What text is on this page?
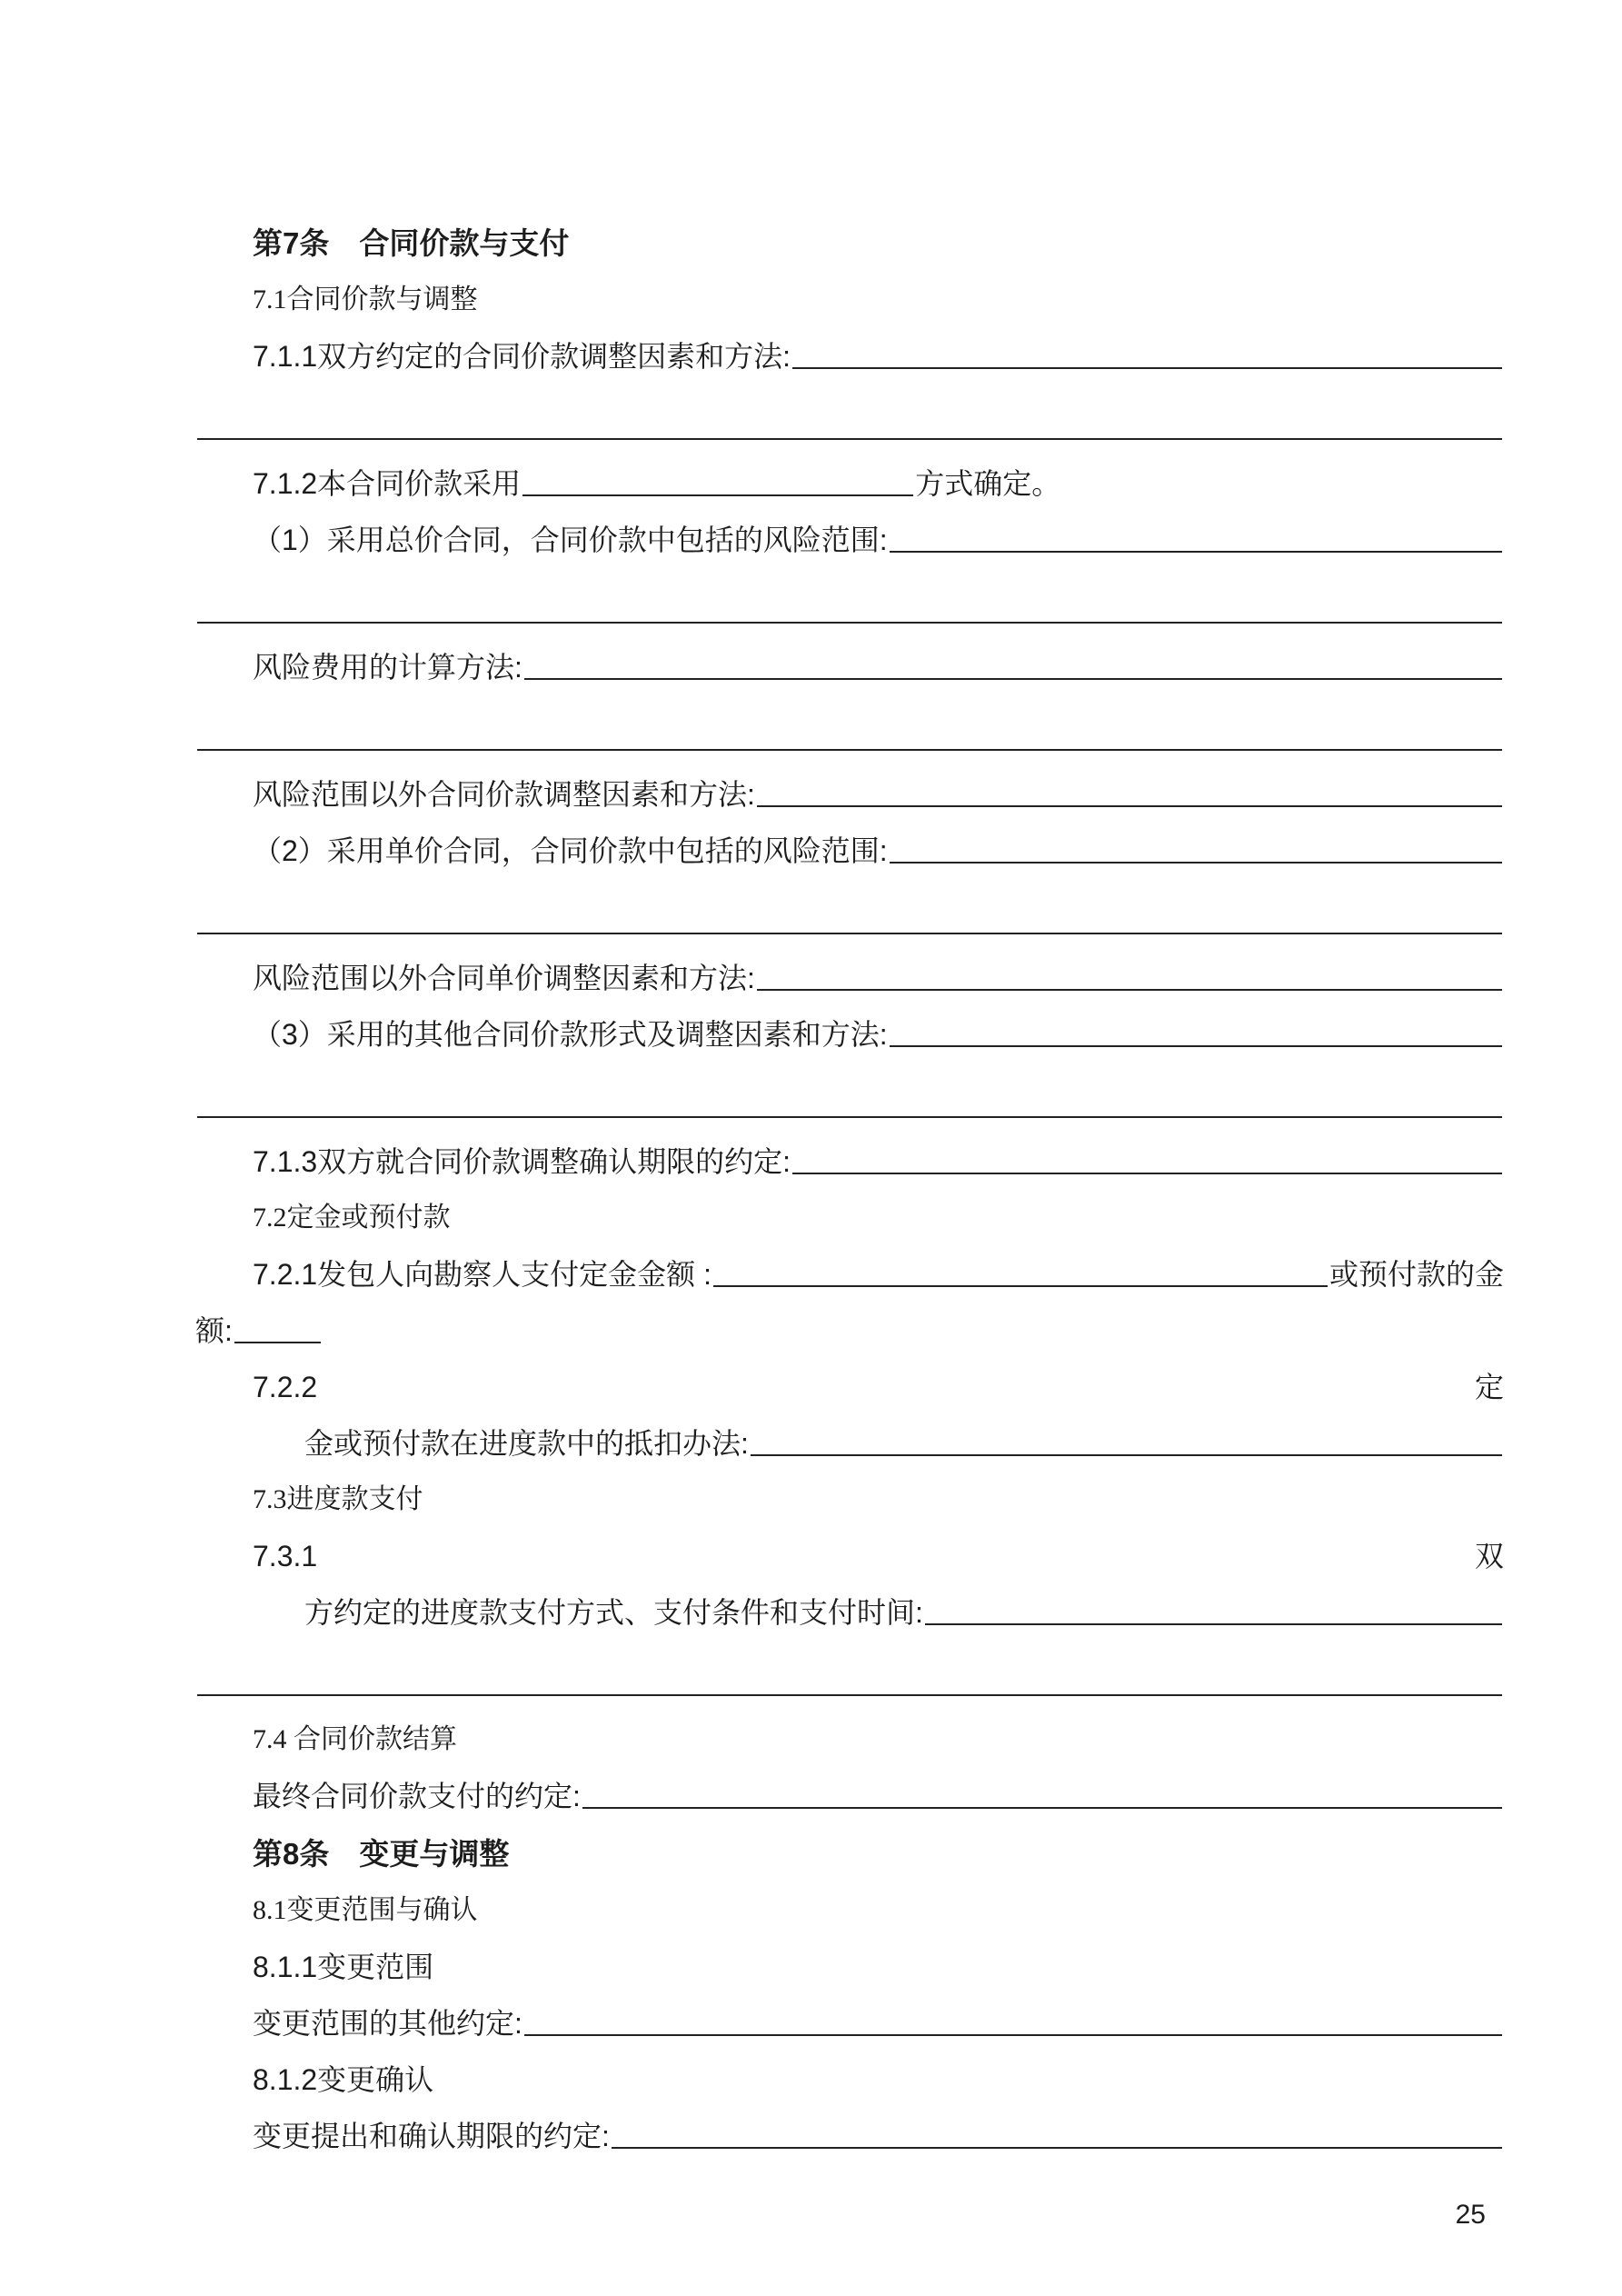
第7条　合同价款与支付
7.1合同价款与调整
7.1.1双方约定的合同价款调整因素和方法:
7.1.2本合同价款采用	方式确定。
（1）采用总价合同，合同价款中包括的风险范围:
风险费用的计算方法:
风险范围以外合同价款调整因素和方法:
（2）采用单价合同，合同价款中包括的风险范围:
风险范围以外合同单价调整因素和方法:
（3）采用的其他合同价款形式及调整因素和方法:
7.1.3双方就合同价款调整确认期限的约定:
7.2定金或预付款
7.2.1发包人向勘察人支付定金金额 :	或预付款的金
额:
7.2.2	定
金或预付款在进度款中的抵扣办法:
7.3进度款支付
7.3.1	双
方约定的进度款支付方式、支付条件和支付时间:
7.4 合同价款结算
最终合同价款支付的约定:
第8条　变更与调整
8.1变更范围与确认
8.1.1变更范围
变更范围的其他约定:
8.1.2变更确认
变更提出和确认期限的约定:
25
